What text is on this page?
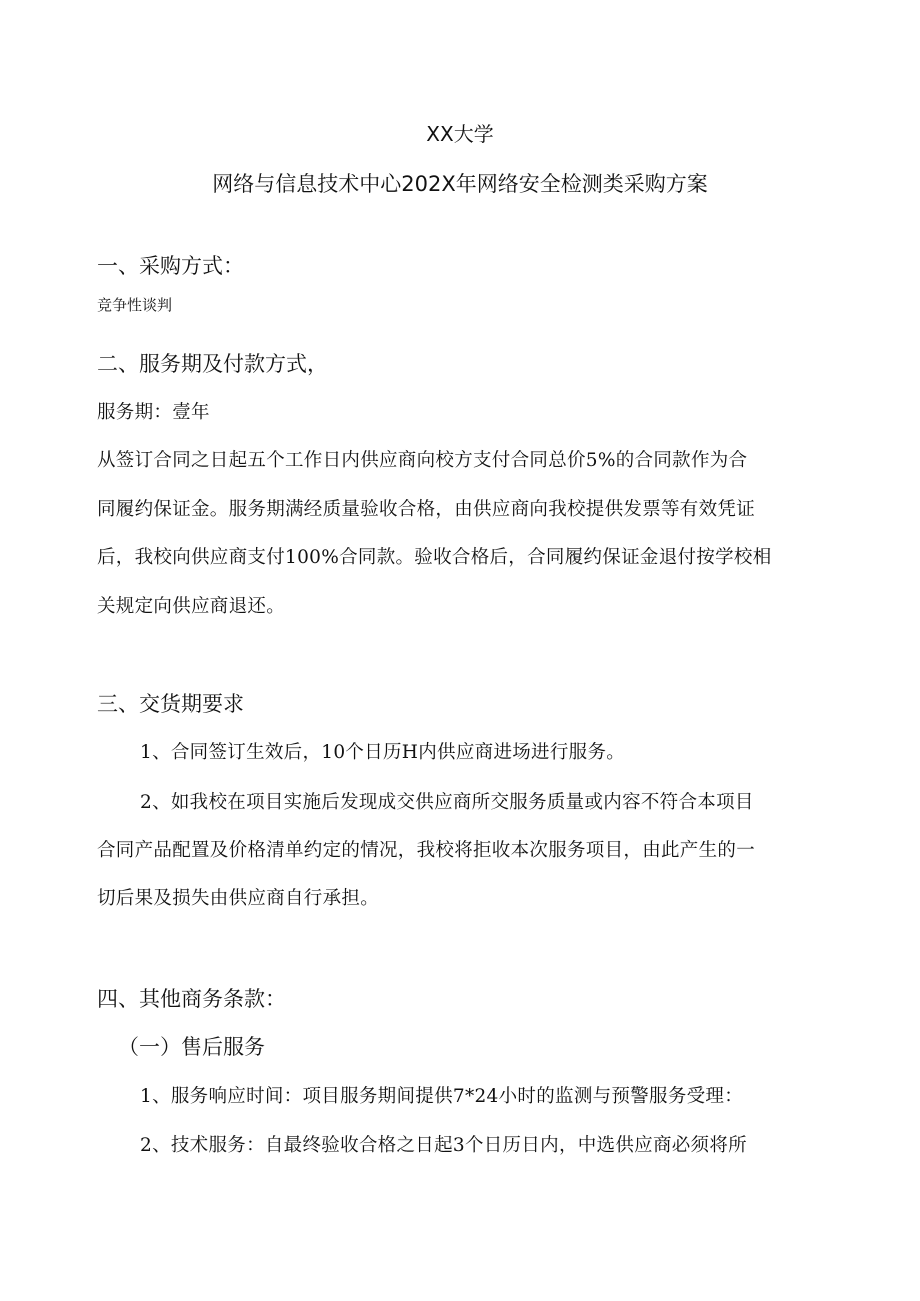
XX大学
网络与信息技术中心202X年网络安全检测类采购方案
一、采购方式：
竞争性谈判
二、服务期及付款方式，
服务期：壹年
从签订合同之日起五个工作日内供应商向校方支付合同总价5%的合同款作为合
同履约保证金。服务期满经质量验收合格，由供应商向我校提供发票等有效凭证
后，我校向供应商支付100%合同款。验收合格后，合同履约保证金退付按学校相
关规定向供应商退还。
三、交货期要求
1、合同签订生效后，10个日历H内供应商进场进行服务。
2、如我校在项目实施后发现成交供应商所交服务质量或内容不符合本项目
合同产品配置及价格清单约定的情况，我校将拒收本次服务项目，由此产生的一
切后果及损失由供应商自行承担。
四、其他商务条款：
（一）售后服务
1、服务响应时间：项目服务期间提供7*24小时的监测与预警服务受理：
2、技术服务：自最终验收合格之日起3个日历日内，中选供应商必须将所
